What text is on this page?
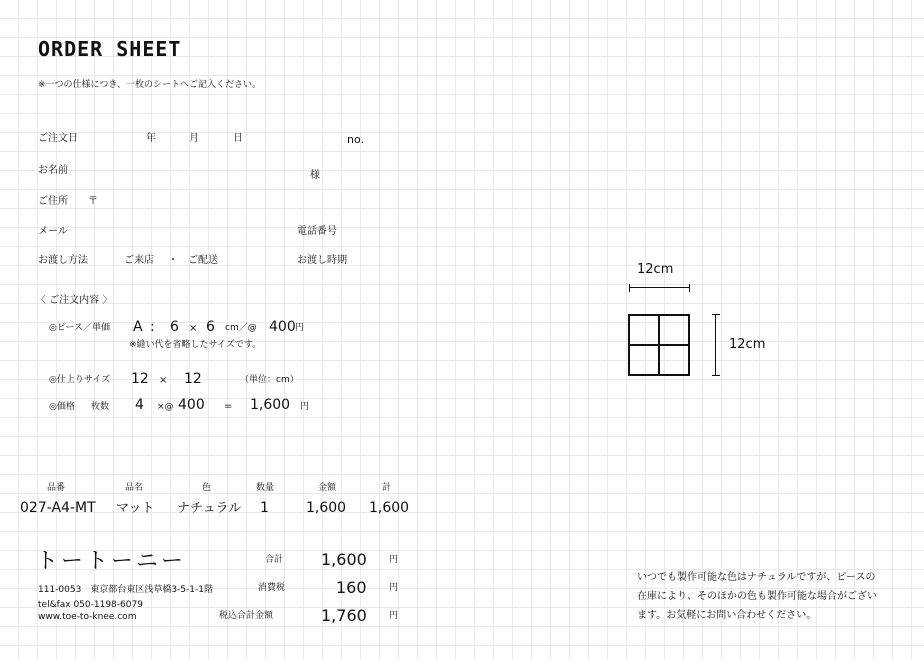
ORDER SHEET
※一つの仕様につき、一枚のシートへご記入ください。
ご注文日	年	月	日	no.
お名前	様
ご住所 〒
メール	電話番号
お渡し方法	ご来店 ・ ご配送	お渡し時期
〈 ご注文内容 〉
◎ピース／単価 A : 6 × 6 cm／@ 400 円
※縫い代を省略したサイズです。
◎仕上りサイズ 12 × 12	（単位：cm）
◎価格 枚数 4 ×@ 400 = 1,600 円
12cm
12cm
品番	品名	色	数量	金額	計
027-A4-MT マット ナチュラル 1	1,600 1,600
合計 1,600 円
消費税	160 円
税込合計金額	1,760 円
トートーニー
111-0053　東京都台東区浅草橋3-5-1-1階
tel&fax 050-1198-6079
www.toe-to-knee.com
いつでも製作可能な色はナチュラルですが、ピースの
在庫により、そのほかの色も製作可能な場合がござい
ます。お気軽にお問い合わせください。
